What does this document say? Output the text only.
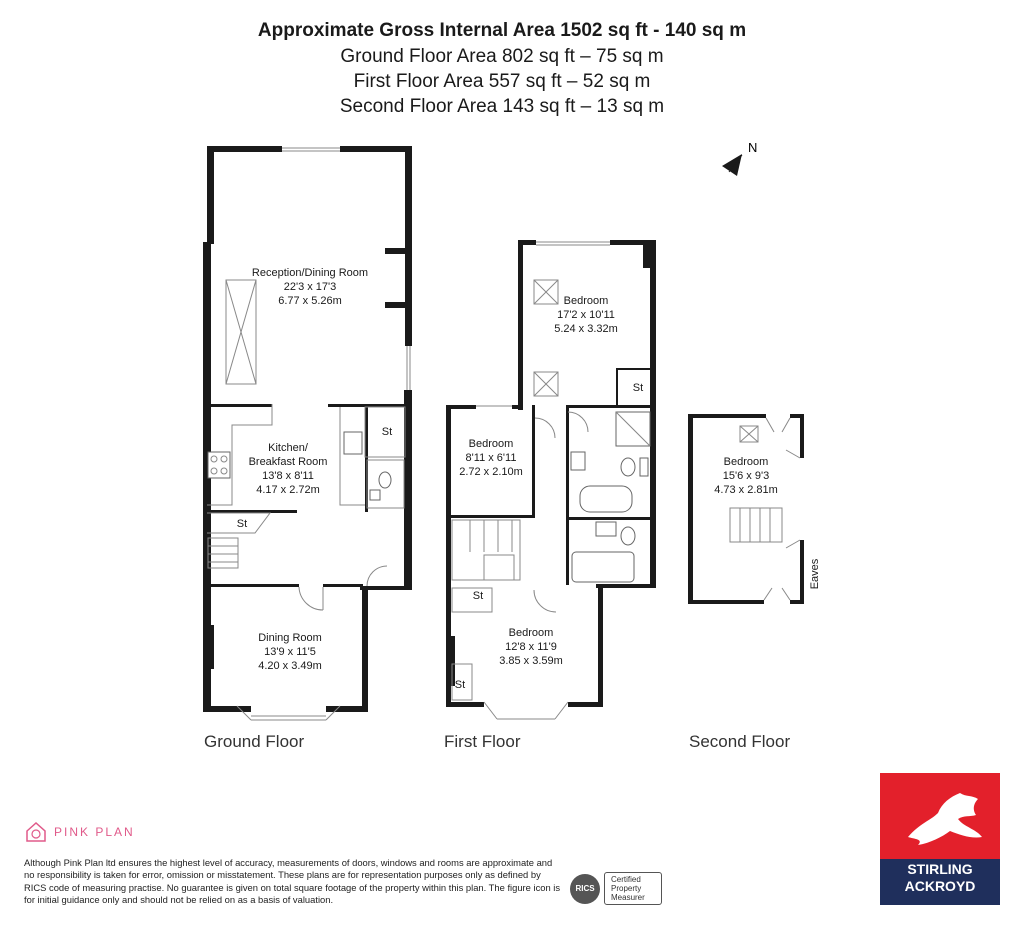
Approximate Gross Internal Area 1502 sq ft - 140 sq m
Ground Floor Area 802 sq ft – 75 sq m
First Floor Area 557 sq ft – 52 sq m
Second Floor Area 143 sq ft – 13 sq m
N
Reception/Dining Room
22'3 x 17'3
6.77 x 5.26m
Kitchen/
Breakfast Room
13'8 x 8'11
4.17 x 2.72m
Dining Room
13'9 x 11'5
4.20 x 3.49m
St
St
Ground Floor
Bedroom
17'2 x 10'11
5.24 x 3.32m
Bedroom
8'11 x 6'11
2.72 x 2.10m
Bedroom
12'8 x 11'9
3.85 x 3.59m
St
St
St
First Floor
Bedroom
15'6 x 9'3
4.73 x 2.81m
Eaves
Second Floor
PINK PLAN
Although Pink Plan ltd ensures the highest level of accuracy, measurements of doors, windows and rooms are approximate and no responsibility is taken for error, omission or misstatement. These plans are for representation purposes only as defined by RICS code of measuring practise. No guarantee is given on total square footage of the property within this plan. The figure icon is for initial guidance only and should not be relied on as a basis of valuation.
RICS
Certified Property Measurer
STIRLING
ACKROYD
